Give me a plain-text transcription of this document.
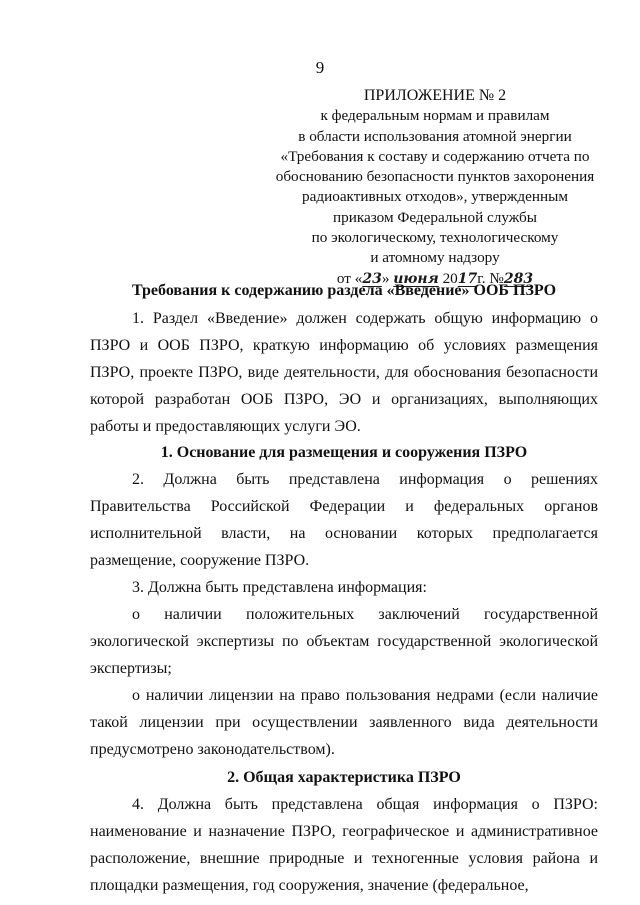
9
ПРИЛОЖЕНИЕ № 2
к федеральным нормам и правилам
в области использования атомной энергии
«Требования к составу и содержанию отчета по
обоснованию безопасности пунктов захоронения
радиоактивных отходов», утвержденным
приказом Федеральной службы
по экологическому, технологическому
и атомному надзору
от «23» июня 2017г. №283

Требования к содержанию раздела «Введение» ООБ ПЗРО

1. Раздел «Введение» должен содержать общую информацию о ПЗРО и ООБ ПЗРО, краткую информацию об условиях размещения ПЗРО, проекте ПЗРО, виде деятельности, для обоснования безопасности которой разработан ООБ ПЗРО, ЭО и организациях, выполняющих работы и предоставляющих услуги ЭО.

1. Основание для размещения и сооружения ПЗРО

2. Должна быть представлена информация о решениях Правительства Российской Федерации и федеральных органов исполнительной власти, на основании которых предполагается размещение, сооружение ПЗРО.

3. Должна быть представлена информация:

о наличии положительных заключений государственной экологической экспертизы по объектам государственной экологической экспертизы;

о наличии лицензии на право пользования недрами (если наличие такой лицензии при осуществлении заявленного вида деятельности предусмотрено законодательством).

2. Общая характеристика ПЗРО

4. Должна быть представлена общая информация о ПЗРО: наименование и назначение ПЗРО, географическое и административное расположение, внешние природные и техногенные условия района и площадки размещения, год сооружения, значение (федеральное,
